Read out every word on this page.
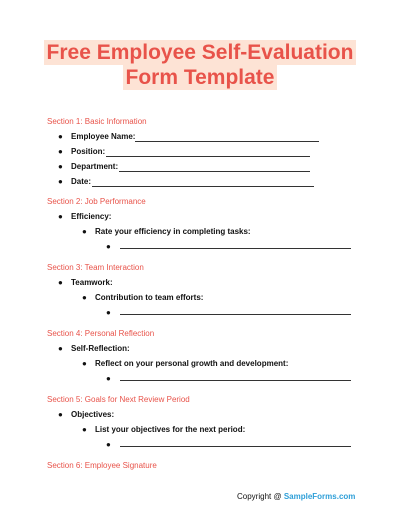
Free Employee Self-Evaluation
Form Template
Section 1: Basic Information
● Employee Name:
● Position:
● Department:
● Date:
Section 2: Job Performance
● Efficiency:
● Rate your efficiency in completing tasks:
●
Section 3: Team Interaction
● Teamwork:
● Contribution to team efforts:
●
Section 4: Personal Reflection
● Self-Reflection:
● Reflect on your personal growth and development:
●
Section 5: Goals for Next Review Period
● Objectives:
● List your objectives for the next period:
●
Section 6: Employee Signature
Copyright @ SampleForms.com
